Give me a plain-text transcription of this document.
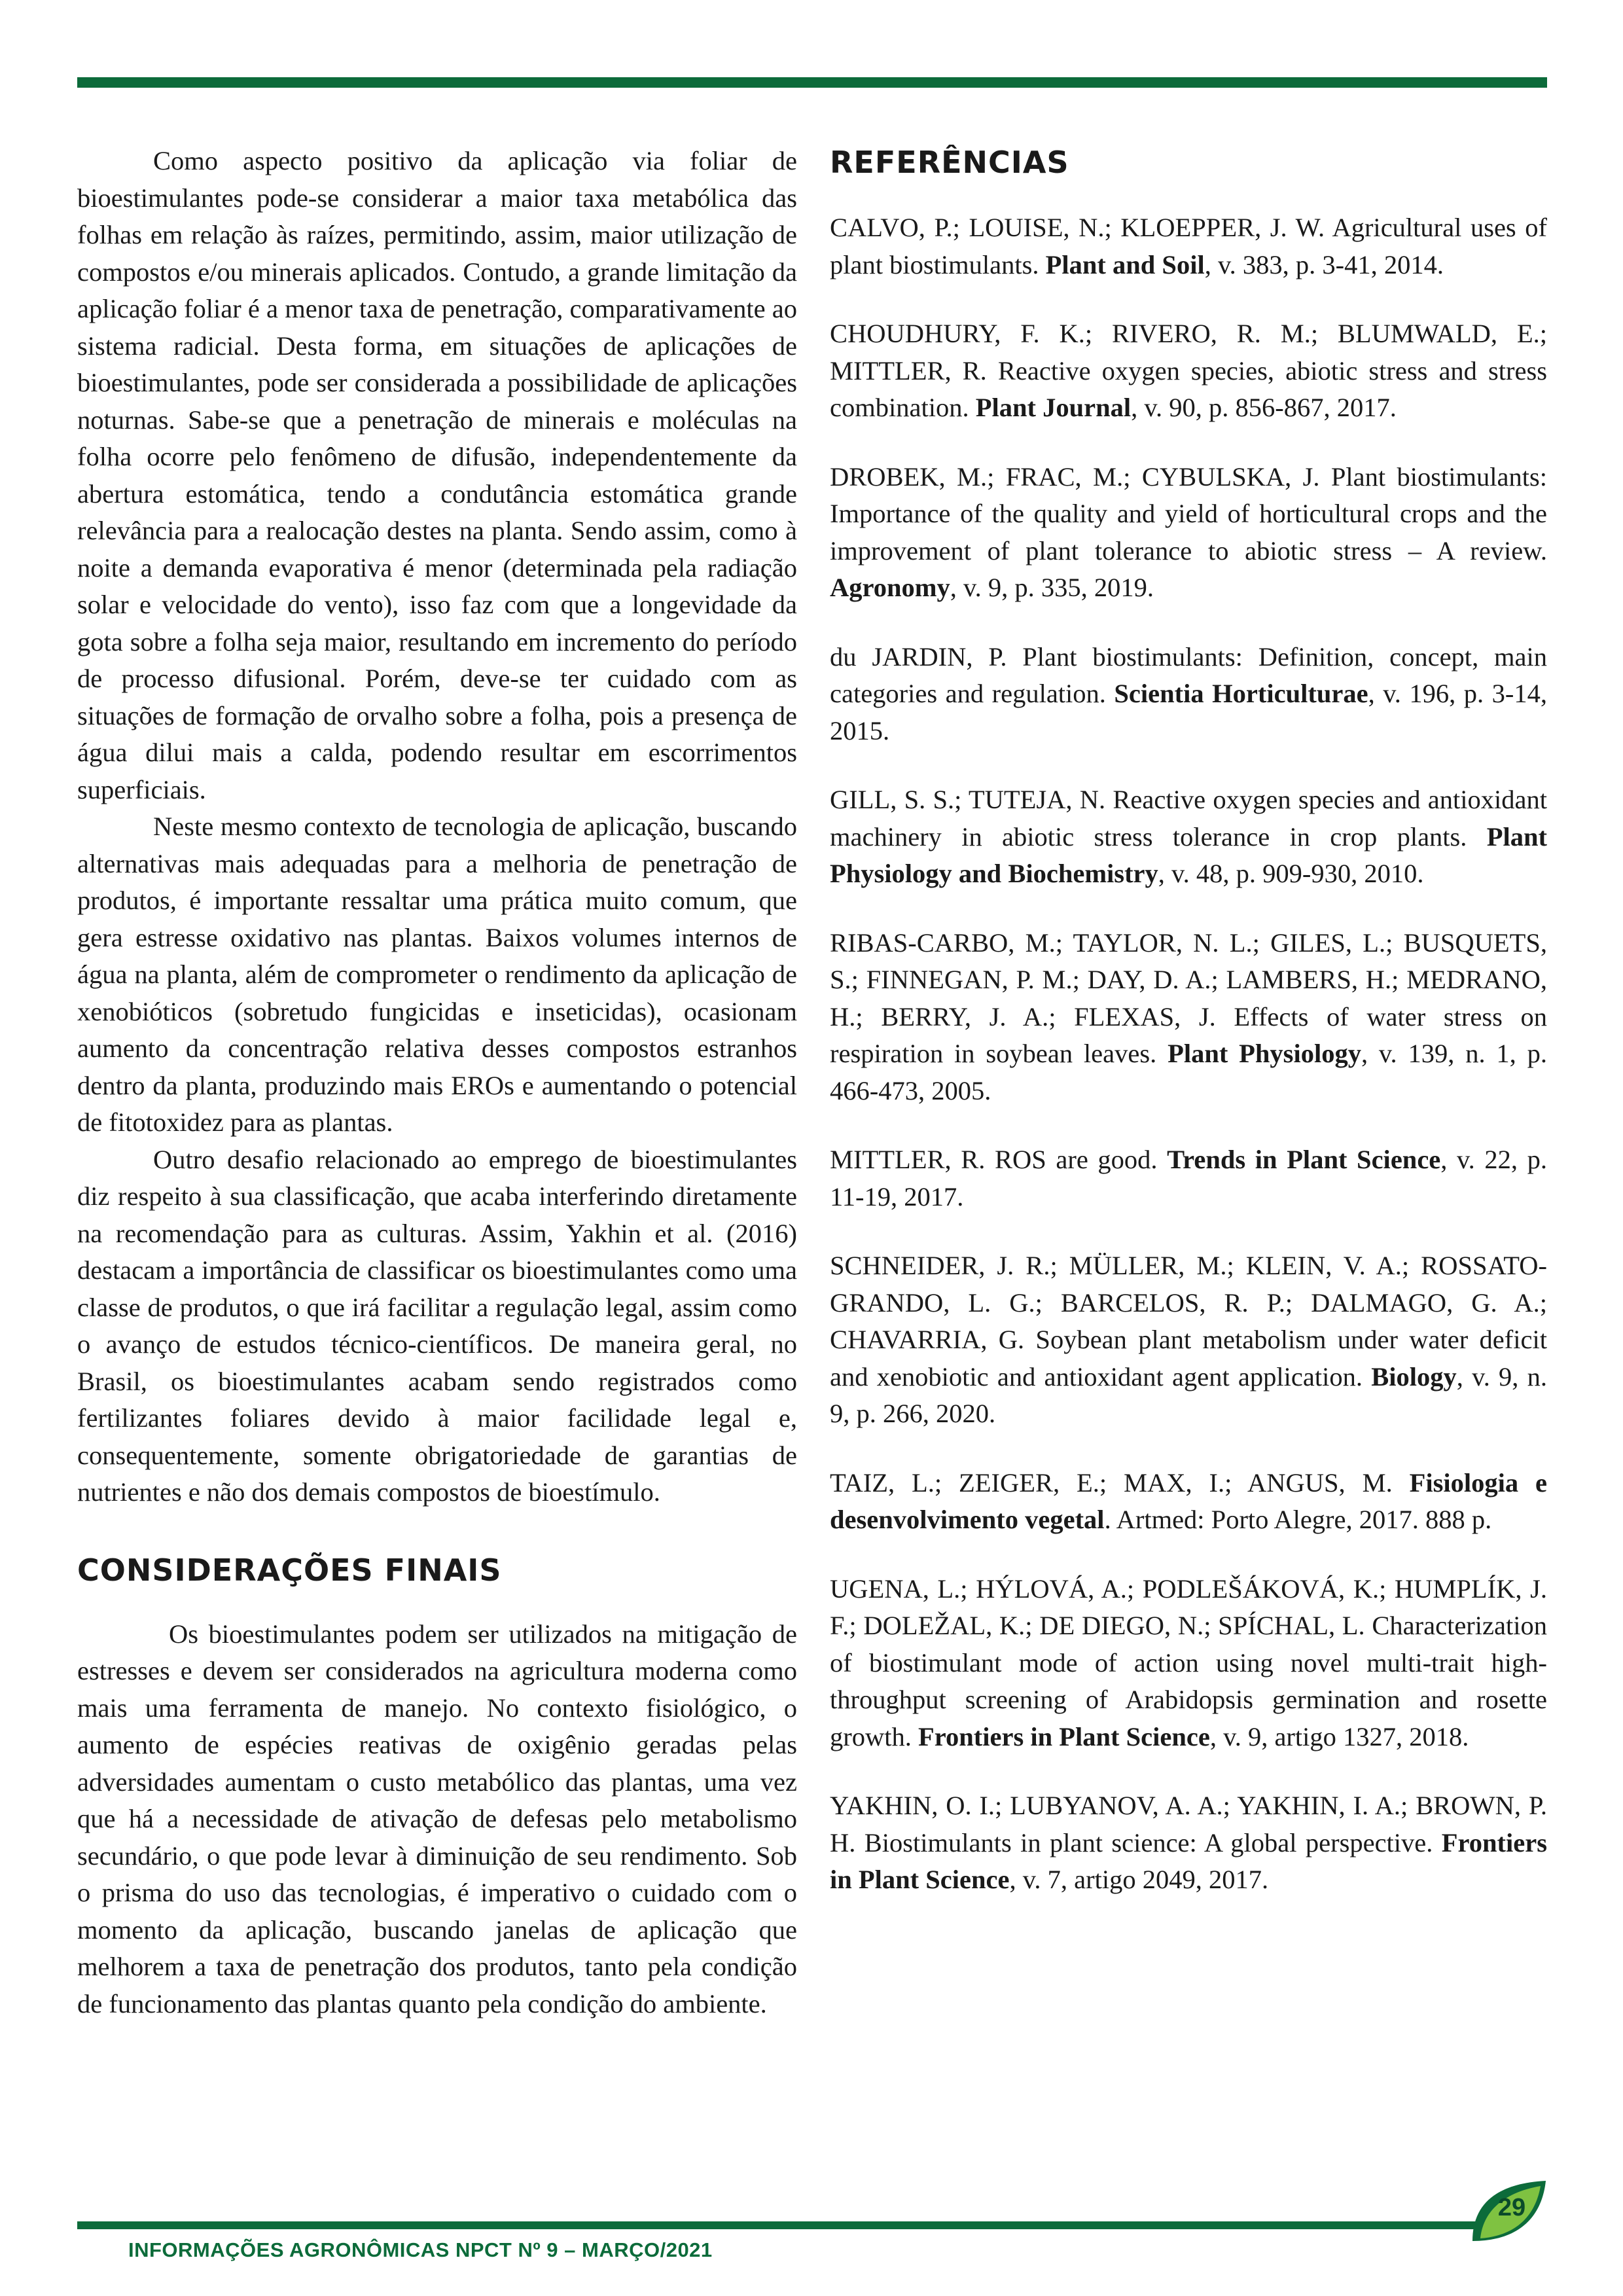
Como aspecto positivo da aplicação via foliar de bioestimulantes pode-se considerar a maior taxa metabólica das folhas em relação às raízes, permitindo, assim, maior utilização de compostos e/ou minerais aplicados. Contudo, a grande limitação da aplicação foliar é a menor taxa de penetração, comparativamente ao sistema radicial. Desta forma, em situações de aplicações de bioestimulantes, pode ser considerada a possibilidade de aplicações noturnas. Sabe-se que a penetração de minerais e moléculas na folha ocorre pelo fenômeno de difusão, independentemente da abertura estomática, tendo a condutância estomática grande relevância para a realocação destes na planta. Sendo assim, como à noite a demanda evaporativa é menor (determinada pela radiação solar e velocidade do vento), isso faz com que a longevidade da gota sobre a folha seja maior, resultando em incremento do período de processo difusional. Porém, deve-se ter cuidado com as situações de formação de orvalho sobre a folha, pois a presença de água dilui mais a calda, podendo resultar em escorrimentos superficiais.

Neste mesmo contexto de tecnologia de aplicação, buscando alternativas mais adequadas para a melhoria de penetração de produtos, é importante ressaltar uma prática muito comum, que gera estresse oxidativo nas plantas. Baixos volumes internos de água na planta, além de comprometer o rendimento da aplicação de xenobióticos (sobretudo fungicidas e inseticidas), ocasionam aumento da concentração relativa desses compostos estranhos dentro da planta, produzindo mais EROs e aumentando o potencial de fitotoxidez para as plantas.

Outro desafio relacionado ao emprego de bioestimulantes diz respeito à sua classificação, que acaba interferindo diretamente na recomendação para as culturas. Assim, Yakhin et al. (2016) destacam a importância de classificar os bioestimulantes como uma classe de produtos, o que irá facilitar a regulação legal, assim como o avanço de estudos técnico-científicos. De maneira geral, no Brasil, os bioestimulantes acabam sendo registrados como fertilizantes foliares devido à maior facilidade legal e, consequentemente, somente obrigatoriedade de garantias de nutrientes e não dos demais compostos de bioestímulo.

CONSIDERAÇÕES FINAIS

Os bioestimulantes podem ser utilizados na mitigação de estresses e devem ser considerados na agricultura moderna como mais uma ferramenta de manejo. No contexto fisiológico, o aumento de espécies reativas de oxigênio geradas pelas adversidades aumentam o custo metabólico das plantas, uma vez que há a necessidade de ativação de defesas pelo metabolismo secundário, o que pode levar à diminuição de seu rendimento. Sob o prisma do uso das tecnologias, é imperativo o cuidado com o momento da aplicação, buscando janelas de aplicação que melhorem a taxa de penetração dos produtos, tanto pela condição de funcionamento das plantas quanto pela condição do ambiente.

REFERÊNCIAS

CALVO, P.; LOUISE, N.; KLOEPPER, J. W. Agricultural uses of plant biostimulants. Plant and Soil, v. 383, p. 3-41, 2014.

CHOUDHURY, F. K.; RIVERO, R. M.; BLUMWALD, E.; MITTLER, R. Reactive oxygen species, abiotic stress and stress combination. Plant Journal, v. 90, p. 856-867, 2017.

DROBEK, M.; FRAC, M.; CYBULSKA, J. Plant biostimulants: Importance of the quality and yield of horticultural crops and the improvement of plant tolerance to abiotic stress – A review. Agronomy, v. 9, p. 335, 2019.

du JARDIN, P. Plant biostimulants: Definition, concept, main categories and regulation. Scientia Horticulturae, v. 196, p. 3-14, 2015.

GILL, S. S.; TUTEJA, N. Reactive oxygen species and antioxidant machinery in abiotic stress tolerance in crop plants. Plant Physiology and Biochemistry, v. 48, p. 909-930, 2010.

RIBAS-CARBO, M.; TAYLOR, N. L.; GILES, L.; BUSQUETS, S.; FINNEGAN, P. M.; DAY, D. A.; LAMBERS, H.; MEDRANO, H.; BERRY, J. A.; FLEXAS, J. Effects of water stress on respiration in soybean leaves. Plant Physiology, v. 139, n. 1, p. 466-473, 2005.

MITTLER, R. ROS are good. Trends in Plant Science, v. 22, p. 11-19, 2017.

SCHNEIDER, J. R.; MÜLLER, M.; KLEIN, V. A.; ROSSATO-GRANDO, L. G.; BARCELOS, R. P.; DALMAGO, G. A.; CHAVARRIA, G. Soybean plant metabolism under water deficit and xenobiotic and antioxidant agent application. Biology, v. 9, n. 9, p. 266, 2020.

TAIZ, L.; ZEIGER, E.; MAX, I.; ANGUS, M. Fisiologia e desenvolvimento vegetal. Artmed: Porto Alegre, 2017. 888 p.

UGENA, L.; HÝLOVÁ, A.; PODLEŠÁKOVÁ, K.; HUMPLÍK, J. F.; DOLEŽAL, K.; DE DIEGO, N.; SPÍCHAL, L. Characterization of biostimulant mode of action using novel multi-trait high-throughput screening of Arabidopsis germination and rosette growth. Frontiers in Plant Science, v. 9, artigo 1327, 2018.

YAKHIN, O. I.; LUBYANOV, A. A.; YAKHIN, I. A.; BROWN, P. H. Biostimulants in plant science: A global perspective. Frontiers in Plant Science, v. 7, artigo 2049, 2017.

29
INFORMAÇÕES AGRONÔMICAS NPCT Nº 9 – MARÇO/2021
